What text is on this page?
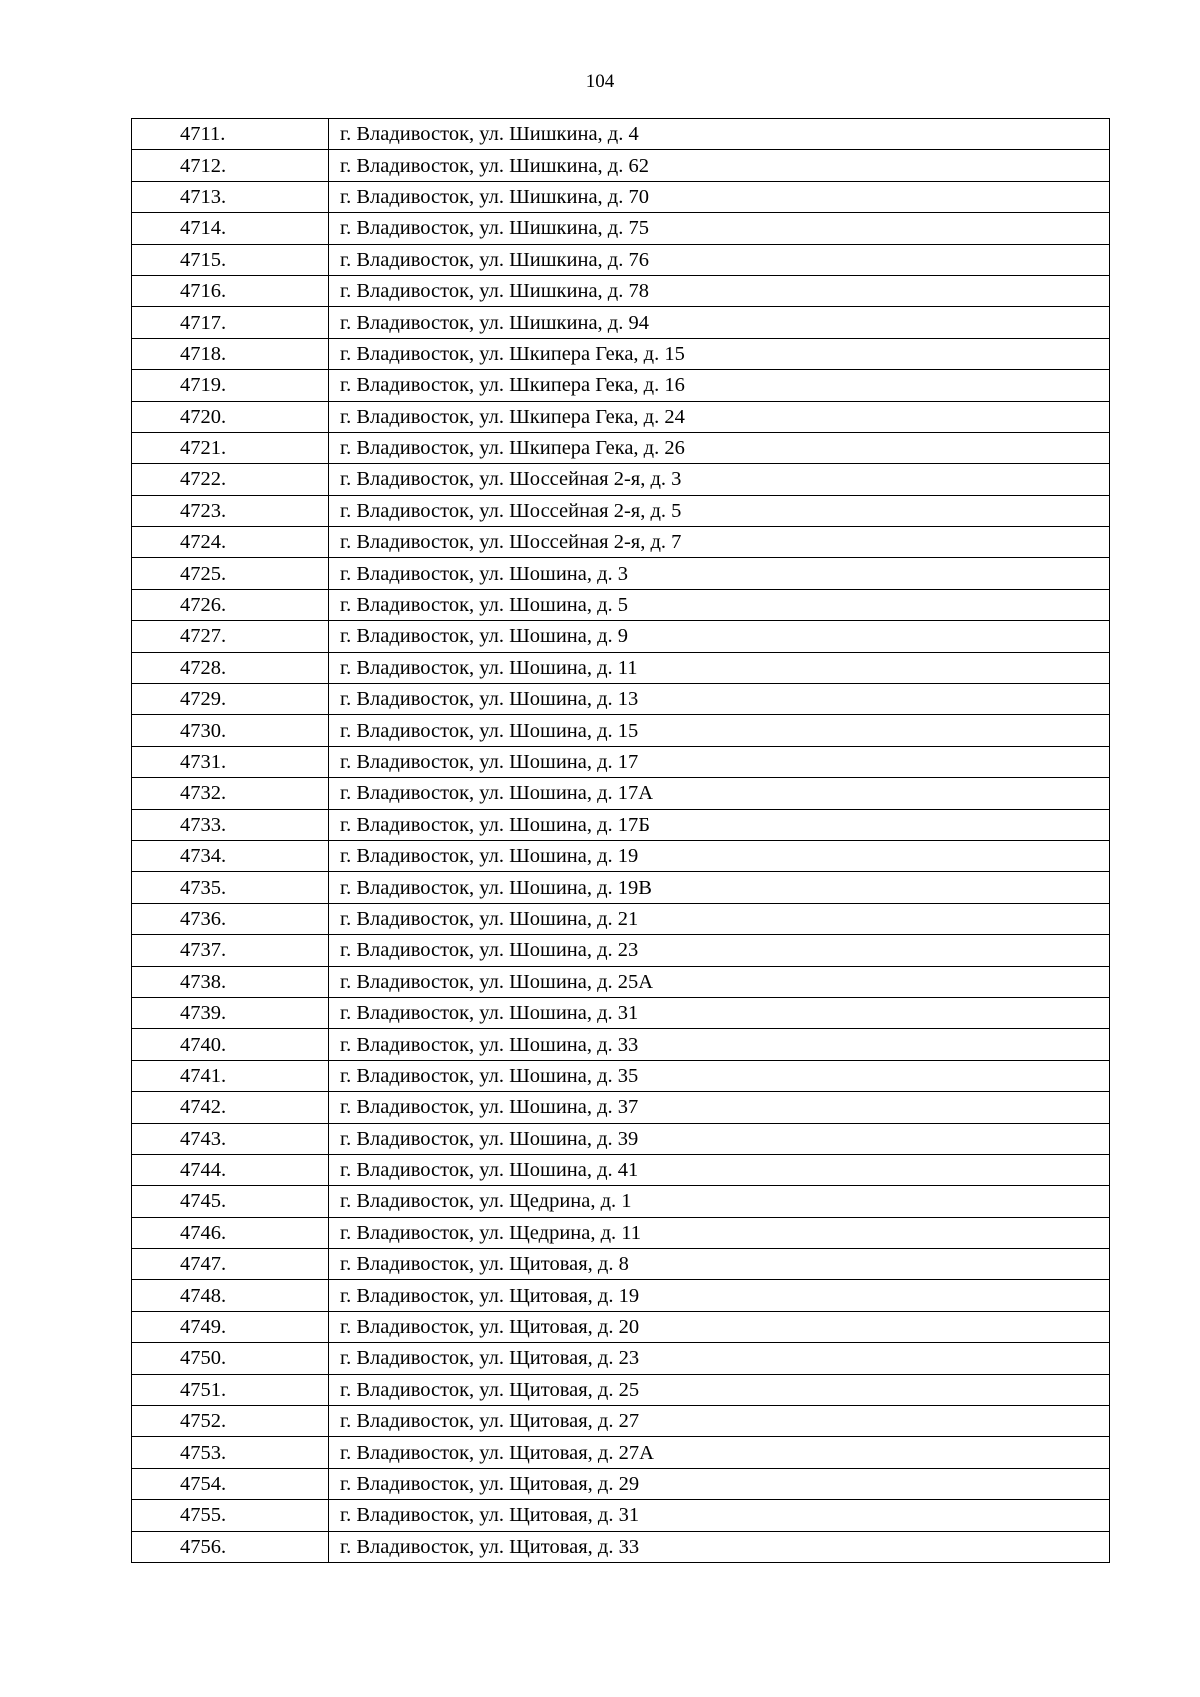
104
4711.	г. Владивосток, ул. Шишкина, д. 4
4712.	г. Владивосток, ул. Шишкина, д. 62
4713.	г. Владивосток, ул. Шишкина, д. 70
4714.	г. Владивосток, ул. Шишкина, д. 75
4715.	г. Владивосток, ул. Шишкина, д. 76
4716.	г. Владивосток, ул. Шишкина, д. 78
4717.	г. Владивосток, ул. Шишкина, д. 94
4718.	г. Владивосток, ул. Шкипера Гека, д. 15
4719.	г. Владивосток, ул. Шкипера Гека, д. 16
4720.	г. Владивосток, ул. Шкипера Гека, д. 24
4721.	г. Владивосток, ул. Шкипера Гека, д. 26
4722.	г. Владивосток, ул. Шоссейная 2-я, д. 3
4723.	г. Владивосток, ул. Шоссейная 2-я, д. 5
4724.	г. Владивосток, ул. Шоссейная 2-я, д. 7
4725.	г. Владивосток, ул. Шошина, д. 3
4726.	г. Владивосток, ул. Шошина, д. 5
4727.	г. Владивосток, ул. Шошина, д. 9
4728.	г. Владивосток, ул. Шошина, д. 11
4729.	г. Владивосток, ул. Шошина, д. 13
4730.	г. Владивосток, ул. Шошина, д. 15
4731.	г. Владивосток, ул. Шошина, д. 17
4732.	г. Владивосток, ул. Шошина, д. 17А
4733.	г. Владивосток, ул. Шошина, д. 17Б
4734.	г. Владивосток, ул. Шошина, д. 19
4735.	г. Владивосток, ул. Шошина, д. 19В
4736.	г. Владивосток, ул. Шошина, д. 21
4737.	г. Владивосток, ул. Шошина, д. 23
4738.	г. Владивосток, ул. Шошина, д. 25А
4739.	г. Владивосток, ул. Шошина, д. 31
4740.	г. Владивосток, ул. Шошина, д. 33
4741.	г. Владивосток, ул. Шошина, д. 35
4742.	г. Владивосток, ул. Шошина, д. 37
4743.	г. Владивосток, ул. Шошина, д. 39
4744.	г. Владивосток, ул. Шошина, д. 41
4745.	г. Владивосток, ул. Щедрина, д. 1
4746.	г. Владивосток, ул. Щедрина, д. 11
4747.	г. Владивосток, ул. Щитовая, д. 8
4748.	г. Владивосток, ул. Щитовая, д. 19
4749.	г. Владивосток, ул. Щитовая, д. 20
4750.	г. Владивосток, ул. Щитовая, д. 23
4751.	г. Владивосток, ул. Щитовая, д. 25
4752.	г. Владивосток, ул. Щитовая, д. 27
4753.	г. Владивосток, ул. Щитовая, д. 27А
4754.	г. Владивосток, ул. Щитовая, д. 29
4755.	г. Владивосток, ул. Щитовая, д. 31
4756.	г. Владивосток, ул. Щитовая, д. 33
